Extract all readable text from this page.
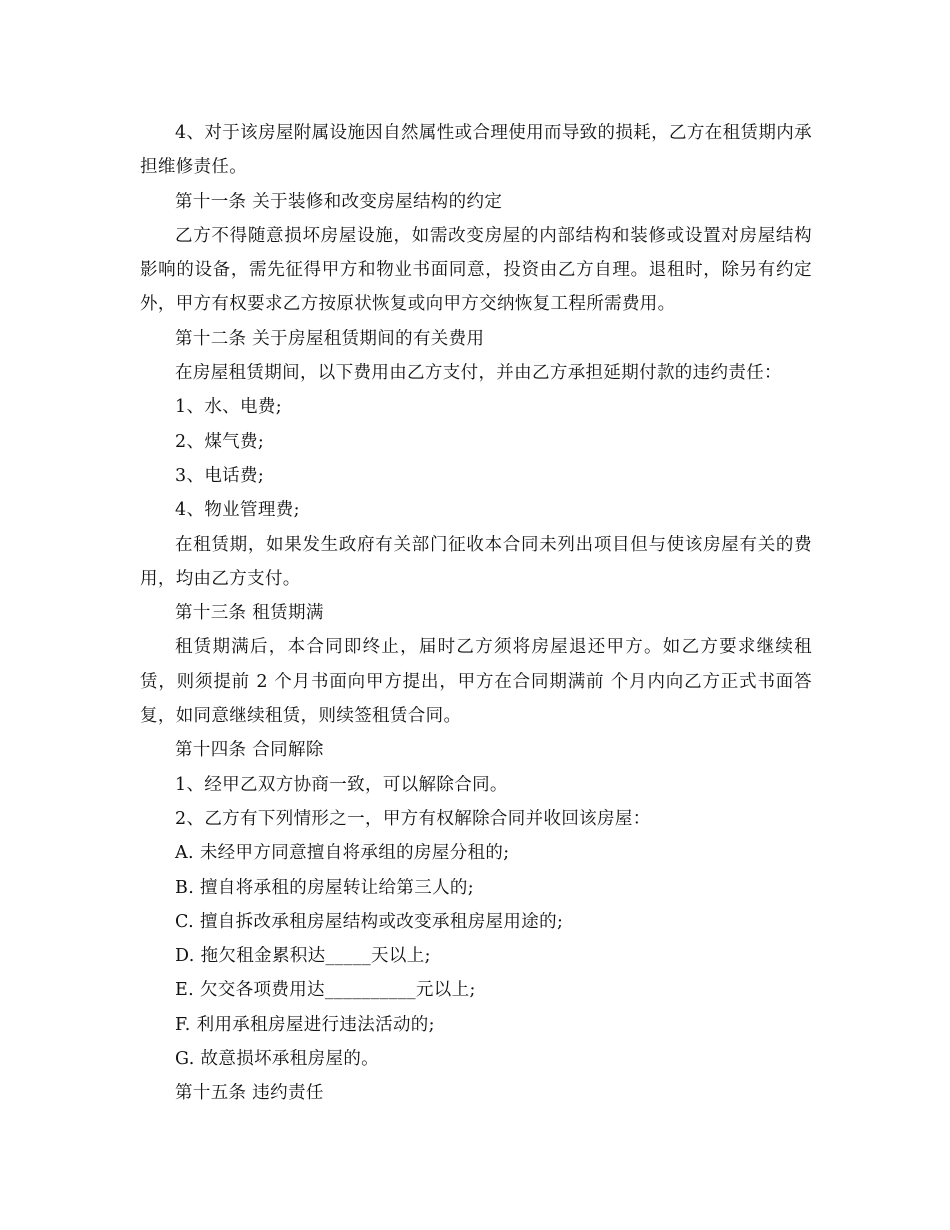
4、对于该房屋附属设施因自然属性或合理使用而导致的损耗，乙方在租赁期内承担维修责任。

第十一条 关于装修和改变房屋结构的约定

乙方不得随意损坏房屋设施，如需改变房屋的内部结构和装修或设置对房屋结构影响的设备，需先征得甲方和物业书面同意，投资由乙方自理。退租时，除另有约定外，甲方有权要求乙方按原状恢复或向甲方交纳恢复工程所需费用。

第十二条 关于房屋租赁期间的有关费用

在房屋租赁期间，以下费用由乙方支付，并由乙方承担延期付款的违约责任：

1、水、电费;

2、煤气费;

3、电话费;

4、物业管理费;

在租赁期，如果发生政府有关部门征收本合同未列出项目但与使该房屋有关的费用，均由乙方支付。

第十三条 租赁期满

租赁期满后，本合同即终止，届时乙方须将房屋退还甲方。如乙方要求继续租赁，则须提前 2 个月书面向甲方提出，甲方在合同期满前 个月内向乙方正式书面答复，如同意继续租赁，则续签租赁合同。

第十四条 合同解除

1、经甲乙双方协商一致，可以解除合同。

2、乙方有下列情形之一，甲方有权解除合同并收回该房屋：

A. 未经甲方同意擅自将承组的房屋分租的;

B. 擅自将承租的房屋转让给第三人的;

C. 擅自拆改承租房屋结构或改变承租房屋用途的;

D. 拖欠租金累积达_____天以上;

E. 欠交各项费用达__________元以上;

F. 利用承租房屋进行违法活动的;

G. 故意损坏承租房屋的。

第十五条 违约责任
